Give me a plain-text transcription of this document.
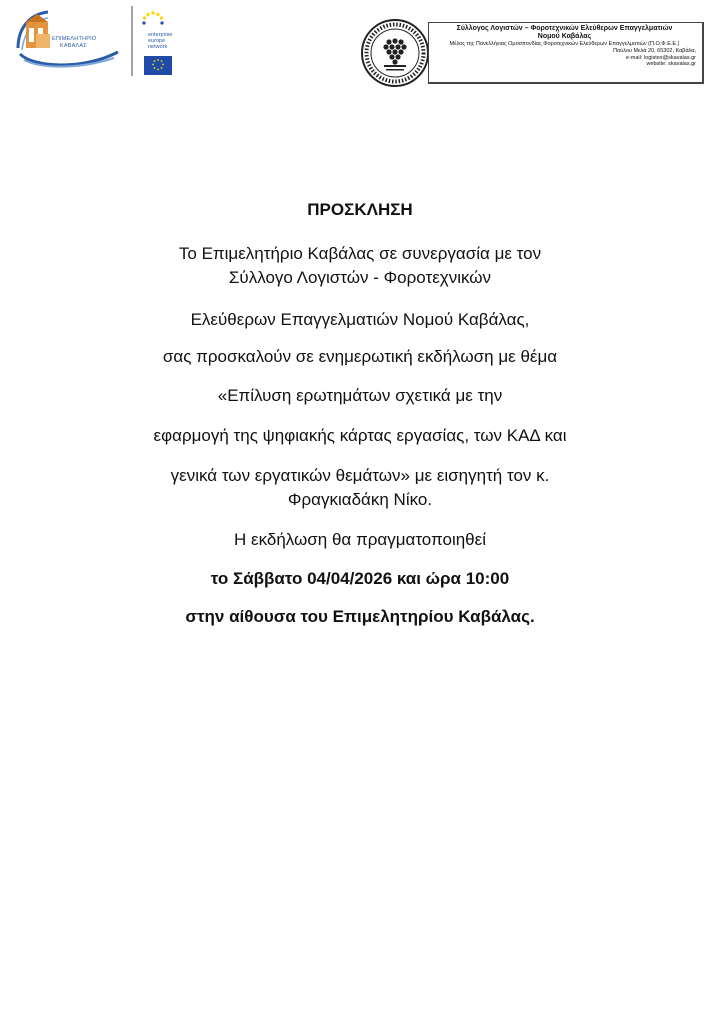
ΕΠΙΜΕΛΗΤΗΡΙΟ
ΚΑΒΑΛΑΣ
enterprise
europe
network
Σύλλογος Λογιστών – Φοροτεχνικών Ελεύθερων Επαγγελματιών
Νομού Καβάλας
Μέλος της Πανελλήνιας Ομοσπονδίας Φοροτεχνικών Ελεύθερων Επαγγελματιών (Π.Ο.Φ.Ε.Ε.)
Παύλου Μελά 20, 65302, Καβάλα,
e-mail: logistes@skavalas.gr
website: skavalas.gr
ΠΡΟΣΚΛΗΣΗ
Το Επιμελητήριο Καβάλας σε συνεργασία με τον
Σύλλογο Λογιστών - Φοροτεχνικών
Ελεύθερων Επαγγελματιών Νομού Καβάλας,
σας προσκαλούν σε ενημερωτική εκδήλωση με θέμα
«Επίλυση ερωτημάτων σχετικά με την
εφαρμογή της ψηφιακής κάρτας εργασίας, των ΚΑΔ και
γενικά των εργατικών θεμάτων» με εισηγητή τον κ.
Φραγκιαδάκη Νίκο.
Η εκδήλωση θα πραγματοποιηθεί
το Σάββατο 04/04/2026 και ώρα 10:00
στην αίθουσα του Επιμελητηρίου Καβάλας.
